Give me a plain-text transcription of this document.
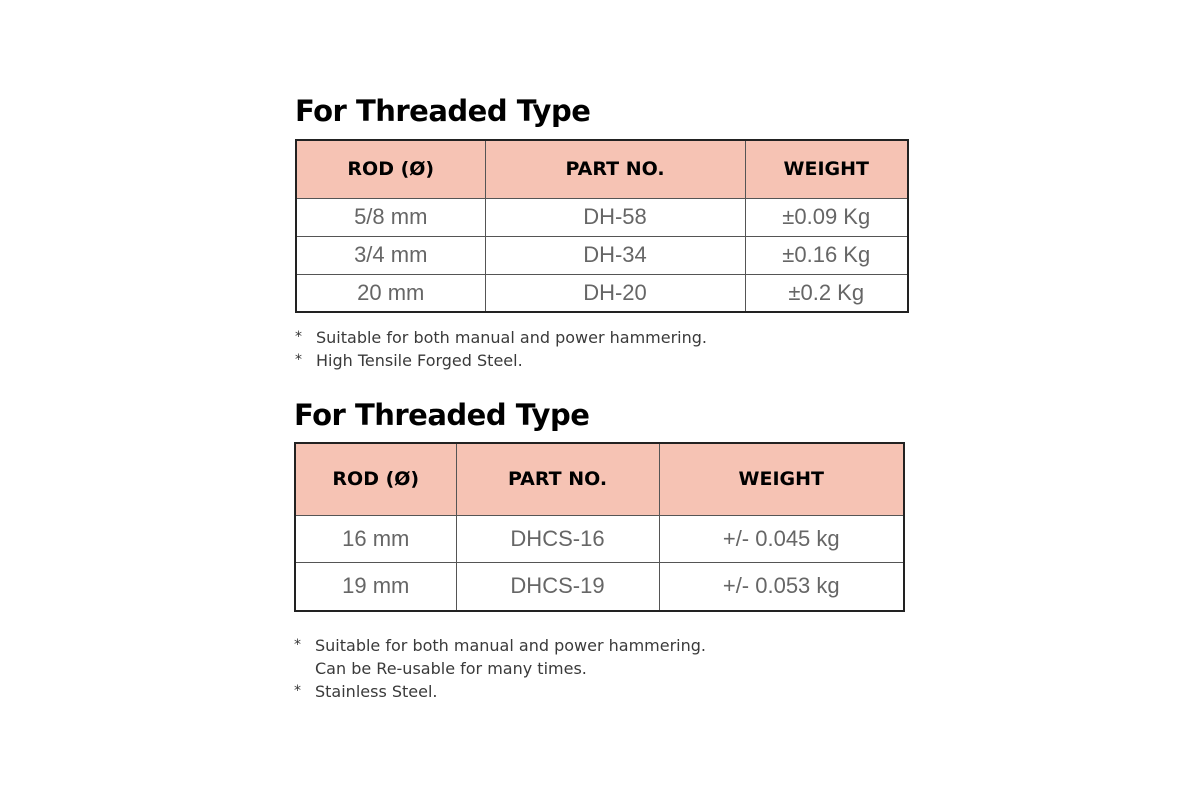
For Threaded Type
ROD (Ø)	PART NO.	WEIGHT
5/8 mm	DH-58	±0.09 Kg
3/4 mm	DH-34	±0.16 Kg
20 mm	DH-20	±0.2 Kg
* Suitable for both manual and power hammering.
* High Tensile Forged Steel.
For Threaded Type
ROD (Ø)	PART NO.	WEIGHT
16 mm	DHCS-16	+/- 0.045 kg
19 mm	DHCS-19	+/- 0.053 kg
* Suitable for both manual and power hammering.
Can be Re-usable for many times.
* Stainless Steel.
